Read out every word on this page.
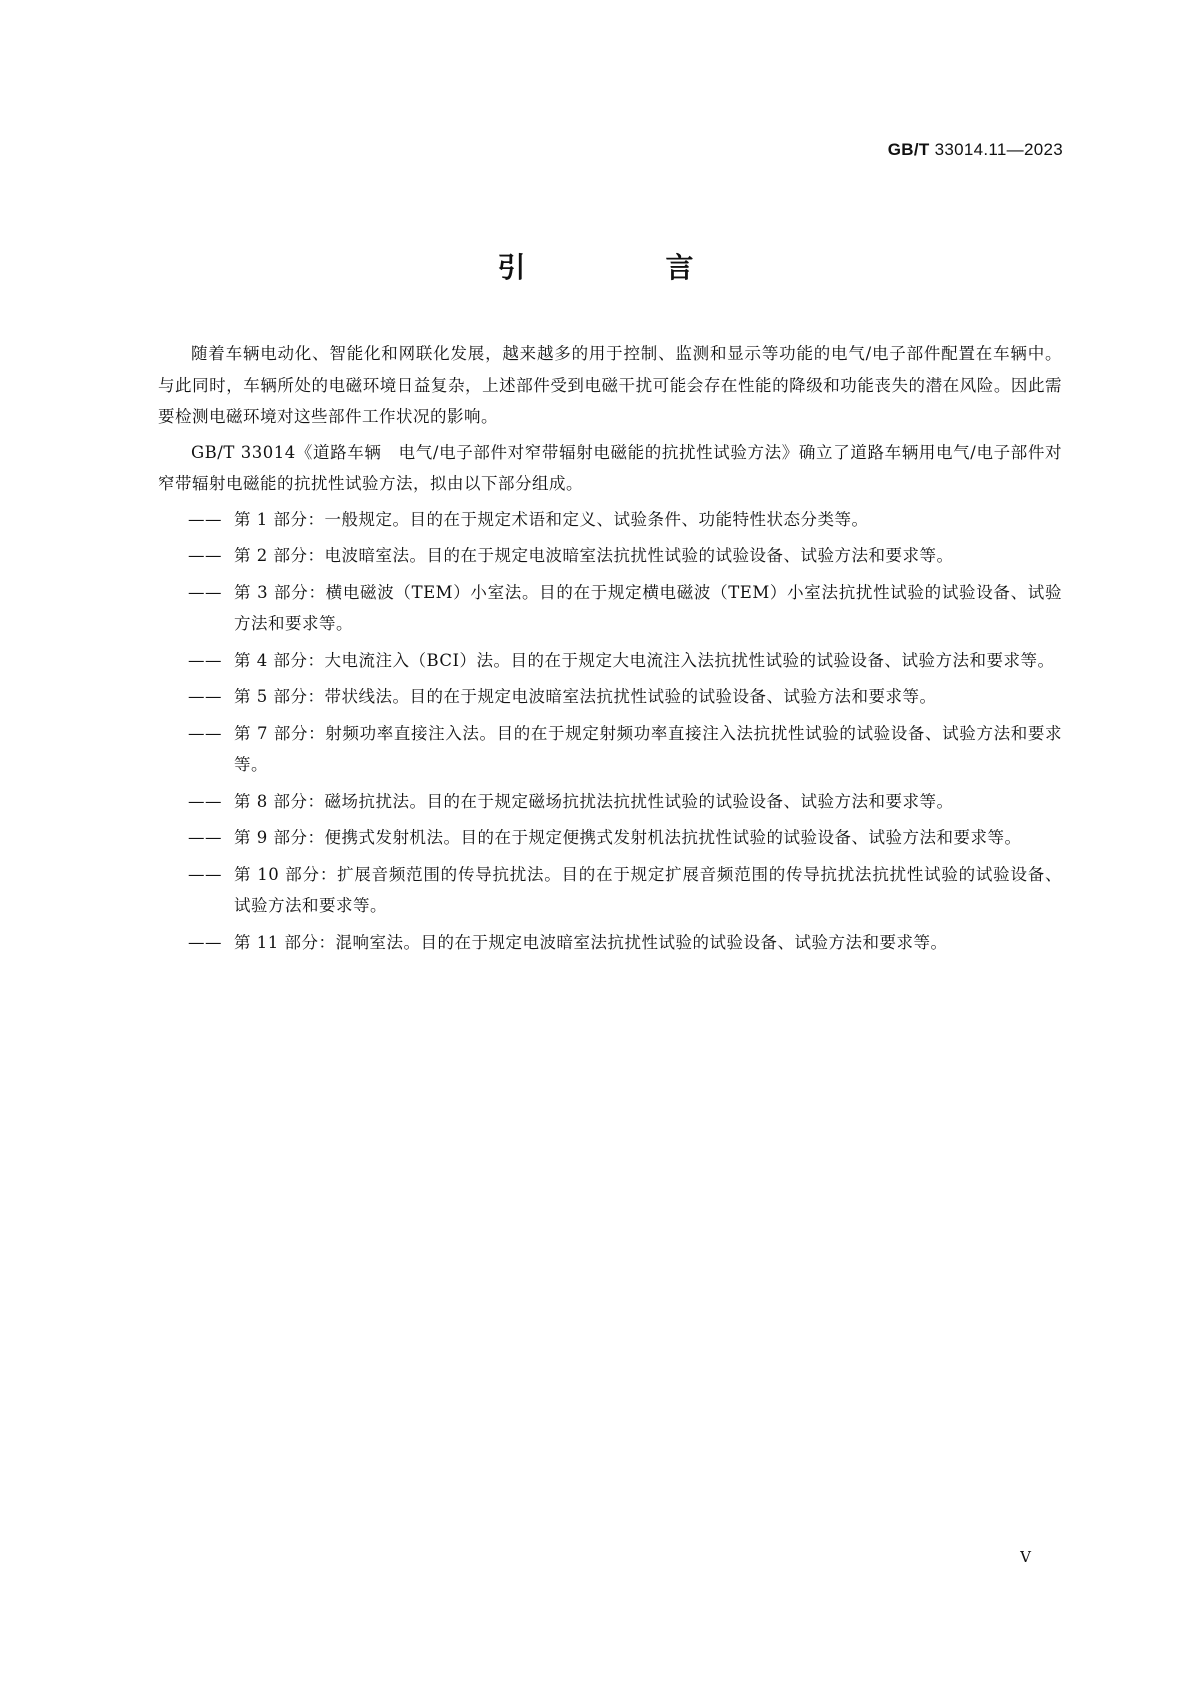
GB/T 33014.11—2023
引　言

随着车辆电动化、智能化和网联化发展，越来越多的用于控制、监测和显示等功能的电气/电子部件配置在车辆中。与此同时，车辆所处的电磁环境日益复杂，上述部件受到电磁干扰可能会存在性能的降级和功能丧失的潜在风险。因此需要检测电磁环境对这些部件工作状况的影响。

GB/T 33014《道路车辆　电气/电子部件对窄带辐射电磁能的抗扰性试验方法》确立了道路车辆用电气/电子部件对窄带辐射电磁能的抗扰性试验方法，拟由以下部分组成。

—— 第 1 部分：一般规定。目的在于规定术语和定义、试验条件、功能特性状态分类等。
—— 第 2 部分：电波暗室法。目的在于规定电波暗室法抗扰性试验的试验设备、试验方法和要求等。
—— 第 3 部分：横电磁波（TEM）小室法。目的在于规定横电磁波（TEM）小室法抗扰性试验的试验设备、试验方法和要求等。
—— 第 4 部分：大电流注入（BCI）法。目的在于规定大电流注入法抗扰性试验的试验设备、试验方法和要求等。
—— 第 5 部分：带状线法。目的在于规定电波暗室法抗扰性试验的试验设备、试验方法和要求等。
—— 第 7 部分：射频功率直接注入法。目的在于规定射频功率直接注入法抗扰性试验的试验设备、试验方法和要求等。
—— 第 8 部分：磁场抗扰法。目的在于规定磁场抗扰法抗扰性试验的试验设备、试验方法和要求等。
—— 第 9 部分：便携式发射机法。目的在于规定便携式发射机法抗扰性试验的试验设备、试验方法和要求等。
—— 第 10 部分：扩展音频范围的传导抗扰法。目的在于规定扩展音频范围的传导抗扰法抗扰性试验的试验设备、试验方法和要求等。
—— 第 11 部分：混响室法。目的在于规定电波暗室法抗扰性试验的试验设备、试验方法和要求等。
V
